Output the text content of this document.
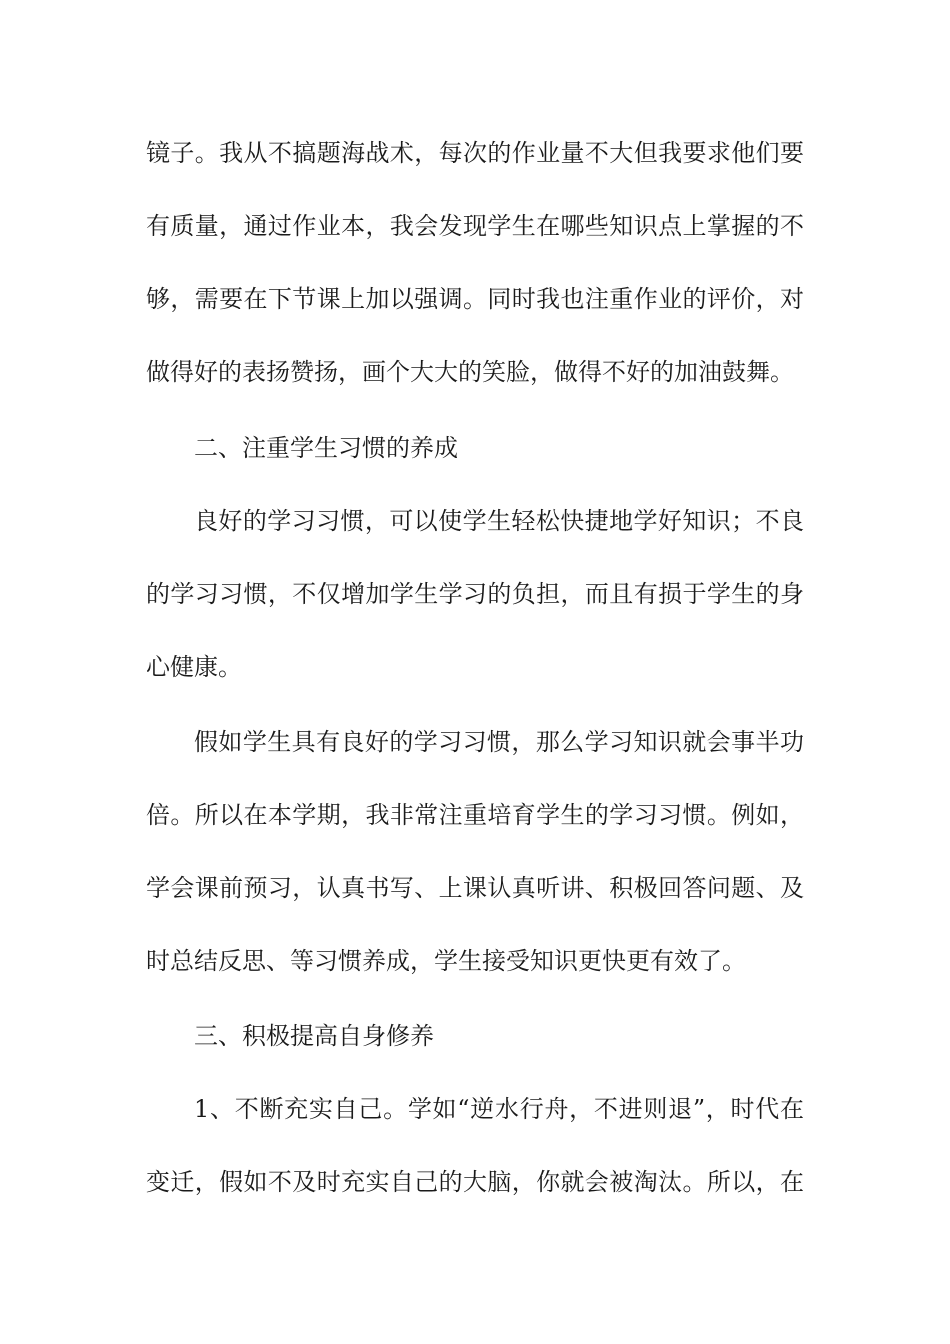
镜子。我从不搞题海战术，每次的作业量不大但我要求他们要
有质量，通过作业本，我会发现学生在哪些知识点上掌握的不
够，需要在下节课上加以强调。同时我也注重作业的评价，对
做得好的表扬赞扬，画个大大的笑脸，做得不好的加油鼓舞。
二、注重学生习惯的养成
良好的学习习惯，可以使学生轻松快捷地学好知识；不良
的学习习惯，不仅增加学生学习的负担，而且有损于学生的身
心健康。
假如学生具有良好的学习习惯，那么学习知识就会事半功
倍。所以在本学期，我非常注重培育学生的学习习惯。例如，
学会课前预习，认真书写、上课认真听讲、积极回答问题、及
时总结反思、等习惯养成，学生接受知识更快更有效了。
三、积极提高自身修养
1、不断充实自己。学如“逆水行舟，不进则退”，时代在
变迁，假如不及时充实自己的大脑，你就会被淘汰。所以，在
